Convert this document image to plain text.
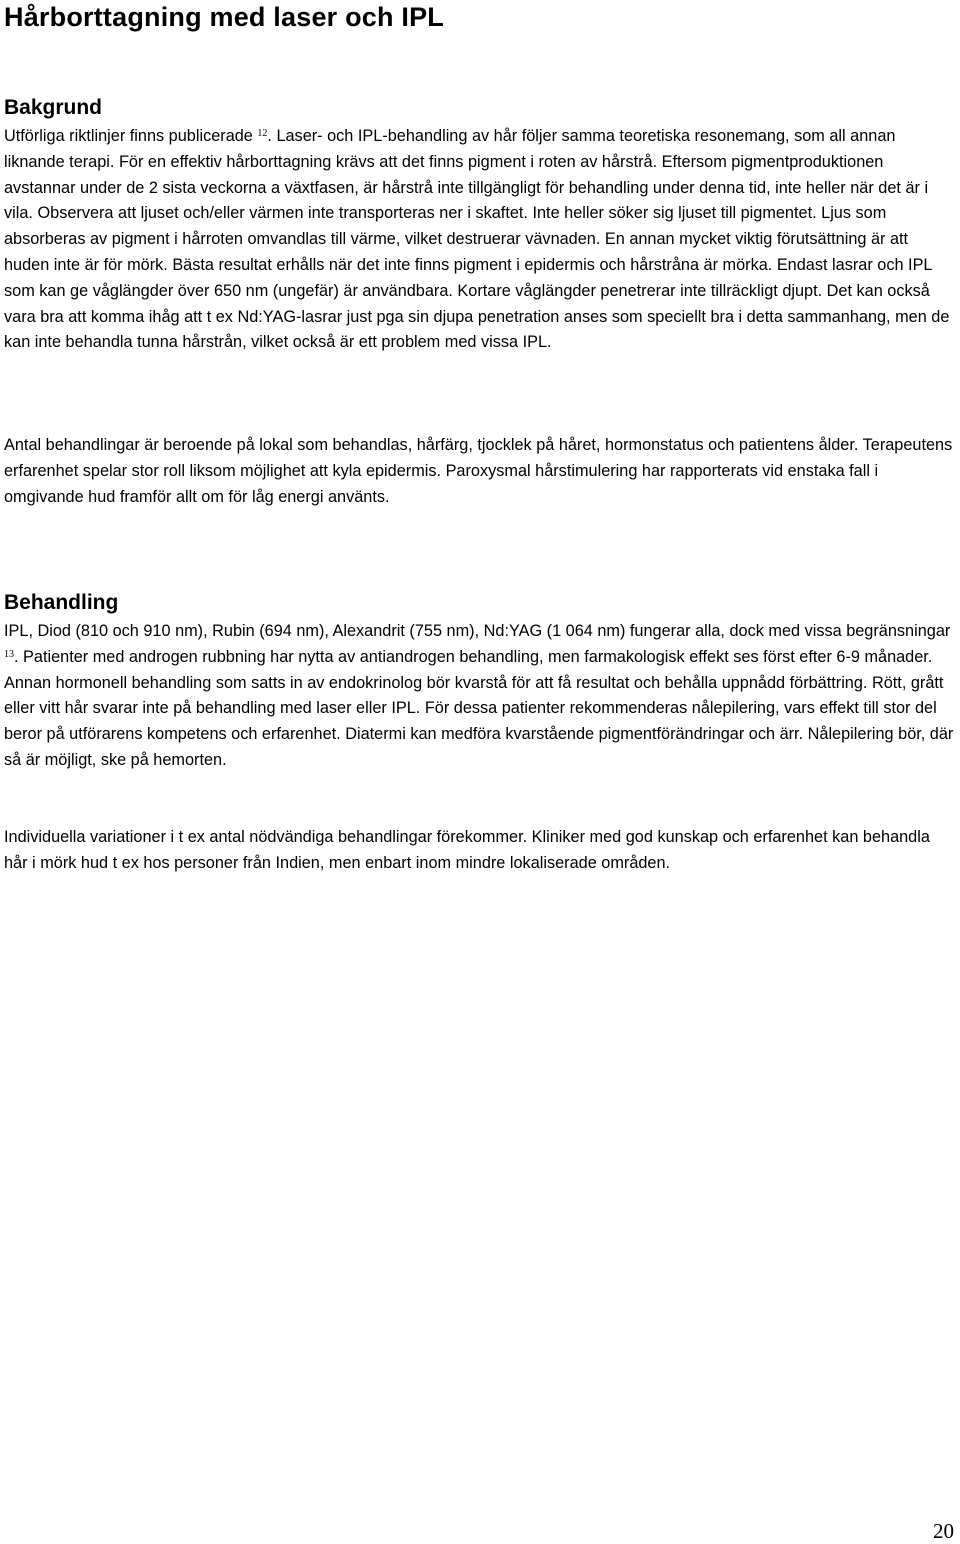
Hårborttagning med laser och IPL
Bakgrund

Utförliga riktlinjer finns publicerade $^{12}$. Laser- och IPL-behandling av hår följer samma teoretiska resonemang, som all annan liknande terapi. För en effektiv hårborttagning krävs att det finns pigment i roten av hårstrå. Eftersom pigmentproduktionen avstannar under de 2 sista veckorna a växtfasen, är hårstrå inte tillgängligt för behandling under denna tid, inte heller när det är i vila. Observera att ljuset och/eller värmen inte transporteras ner i skaftet. Inte heller söker sig ljuset till pigmentet. Ljus som absorberas av pigment i hårroten omvandlas till värme, vilket destruerar vävnaden. En annan mycket viktig förutsättning är att huden inte är för mörk. Bästa resultat erhålls när det inte finns pigment i epidermis och hårstråna är mörka. Endast lasrar och IPL som kan ge våglängder över 650 nm (ungefär) är användbara. Kortare våglängder penetrerar inte tillräckligt djupt. Det kan också vara bra att komma ihåg att t ex Nd:YAG-lasrar just pga sin djupa penetration anses som speciellt bra i detta sammanhang, men de kan inte behandla tunna hårstrån, vilket också är ett problem med vissa IPL.

Antal behandlingar är beroende på lokal som behandlas, hårfärg, tjocklek på håret, hormonstatus och patientens ålder. Terapeutens erfarenhet spelar stor roll liksom möjlighet att kyla epidermis. Paroxysmal hårstimulering har rapporterats vid enstaka fall i omgivande hud framför allt om för låg energi använts.

Behandling

IPL, Diod (810 och 910 nm), Rubin (694 nm), Alexandrit (755 nm), Nd:YAG (1 064 nm) fungerar alla, dock med vissa begränsningar $^{13}$. Patienter med androgen rubbning har nytta av antiandrogen behandling, men farmakologisk effekt ses först efter 6-9 månader. Annan hormonell behandling som satts in av endokrinolog bör kvarstå för att få resultat och behålla uppnådd förbättring. Rött, grått eller vitt hår svarar inte på behandling med laser eller IPL. För dessa patienter rekommenderas nålepilering, vars effekt till stor del beror på utförarens kompetens och erfarenhet. Diatermi kan medföra kvarstående pigmentförändringar och ärr. Nålepilering bör, där så är möjligt, ske på hemorten.

Individuella variationer i t ex antal nödvändiga behandlingar förekommer. Kliniker med god kunskap och erfarenhet kan behandla hår i mörk hud t ex hos personer från Indien, men enbart inom mindre lokaliserade områden.

20
